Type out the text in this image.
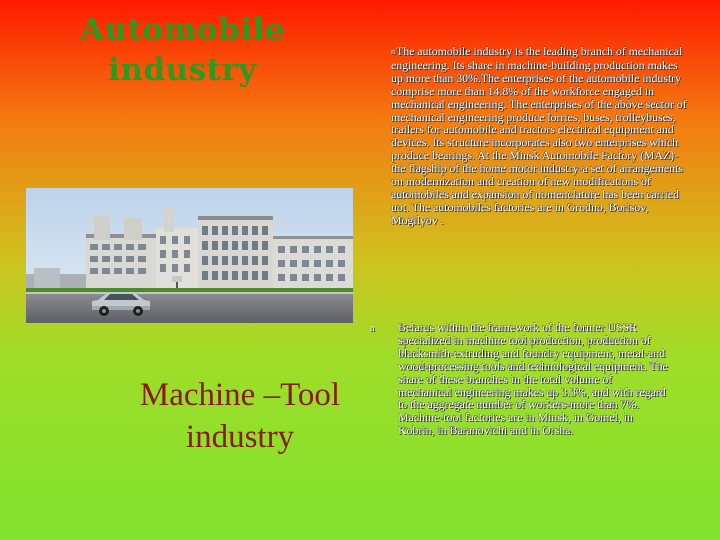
Automobile
industry
nThe automobile industry is the leading branch of mechanical engineering. Its share in machine-building production makes up more than 30%.The enterprises of the automobile industry comprise more than 14.8% of the workforce engaged in mechanical engineering. The enterprises of the above sector of mechanical engineering produce lorries, buses, trolleybuses, trailers for automobile and tractors electrical equipment and devices. Its structure incorporates also two enterprises which produce bearings. At the Minsk Automobile Factory (MAZ)- the flagship of the home motor industry-a set of arrangements on modernization and creation of new modifications of automobiles and expansion of nomenclature has been carried uot. The automobiles factories are in Grodno, Borisov, Mogilyov .
n Belarus within the framework of the former USSR specialized in machine tool production, production of blacksmith-extruding and foundry equipment, metal-and wood-processing tools and technological equipment. The share of these branches in the total volume of mechanical engineering makes up 3.3%, and with regard to the aggregate number of workers-more than 7%. Machine-tool factories are in Minsk, in Gomel, in Kobrin, in Baranovichi and in Orsha.
Machine –Tool
industry
